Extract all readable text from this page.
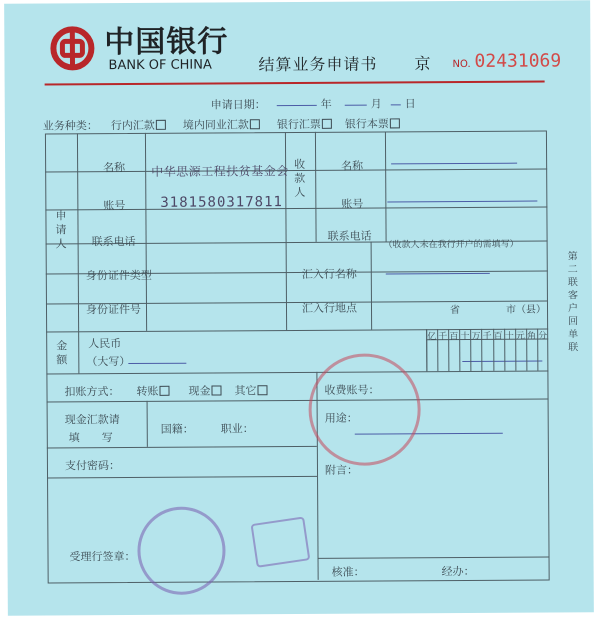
中国银行
BANK OF CHINA	结算业务申请书 京 NO. 02431069
申请日期：	年	月 日
业务种类： 行内汇款	境内同业汇款	银行汇票	银行本票
申请人
名称 中华思源工程扶贫基金会
账号 3181580317811
联系电话
身份证件类型
身份证件号
收款人
名称
账号
联系电话
（收款人未在我行开户的需填写）
汇入行名称
汇入行地点	省	市（县）
金额
人民币
（大写）
扣账方式： 转账	现金	其它
现金汇款请
填　　写
国籍： 职业：
支付密码：
受理行签章：
收费账号：
用途：
附言：
核准：	经办：
第二联　客户回单联
亿 千 百 十 万 千 百 十 元 角 分
